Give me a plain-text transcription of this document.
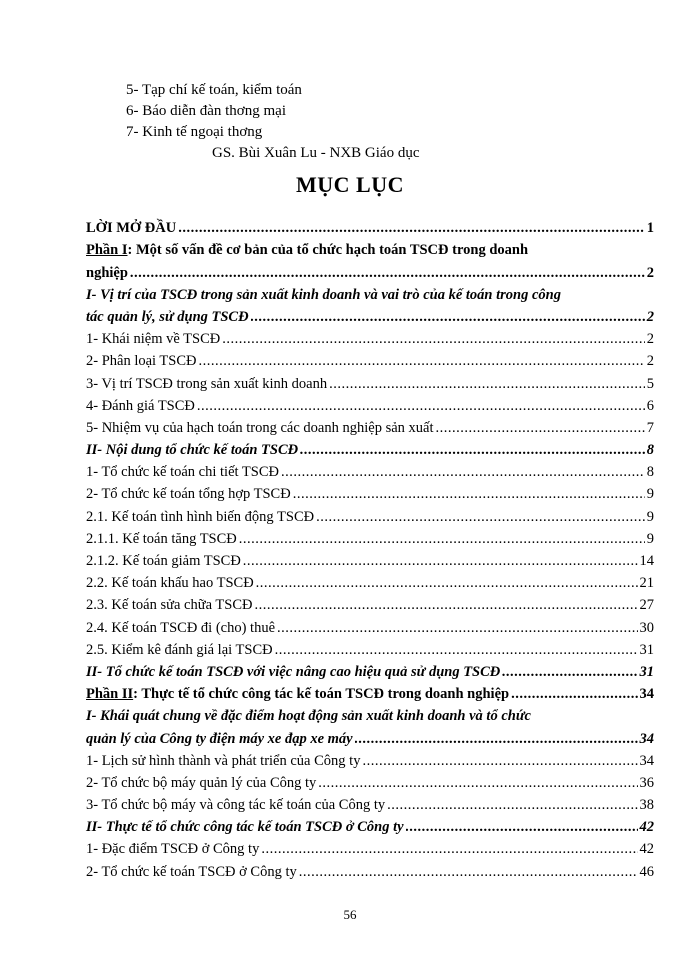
5- Tạp chí kế toán, kiểm toán
6- Báo diễn đàn thơng mại
7- Kinh tế ngoại thơng
GS. Bùi Xuân Lu - NXB Giáo dục
MỤC LỤC
LỜI MỞ ĐẦU .....	1
Phần I: Một số vấn đề cơ bản của tổ chức hạch toán TSCĐ trong doanh
nghiệp .....	2
I- Vị trí của TSCĐ trong sản xuất kinh doanh và vai trò của kế toán trong công
tác quản lý, sử dụng TSCĐ .....	2
1- Khái niệm về TSCĐ .....	2
2- Phân loại TSCĐ .....	2
3- Vị trí TSCĐ trong sản xuất kinh doanh .....	5
4- Đánh giá TSCĐ .....	6
5- Nhiệm vụ của hạch toán trong các doanh nghiệp sản xuất .....	7
II- Nội dung tổ chức kế toán TSCĐ .....	8
1- Tổ chức kế toán chi tiết TSCĐ .....	8
2- Tổ chức kế toán tổng hợp TSCĐ .....	9
2.1. Kế toán tình hình biến động TSCĐ .....	9
2.1.1. Kế toán tăng TSCĐ .....	9
2.1.2. Kế toán giảm TSCĐ .....	14
2.2. Kế toán khấu hao TSCĐ .....	21
2.3. Kế toán sửa chữa TSCĐ .....	27
2.4. Kế toán TSCĐ đi (cho) thuê .....	30
2.5. Kiểm kê đánh giá lại TSCĐ .....	31
II- Tổ chức kế toán TSCĐ với việc nâng cao hiệu quả sử dụng TSCĐ .....	31
Phần II: Thực tế tổ chức công tác kế toán TSCĐ trong doanh nghiệp .....	34
I- Khái quát chung về đặc điểm hoạt động sản xuất kinh doanh và tổ chức
quản lý của Công ty điện máy xe đạp xe máy .....	34
1- Lịch sử hình thành và phát triển của Công ty .....	34
2- Tổ chức bộ máy quản lý của Công ty .....	36
3- Tổ chức bộ máy và công tác kế toán của Công ty .....	38
II- Thực tế tổ chức công tác kế toán TSCĐ ở Công ty .....	42
1- Đặc điểm TSCĐ ở Công ty .....	42
2- Tổ chức kế toán TSCĐ ở Công ty .....	46
56
